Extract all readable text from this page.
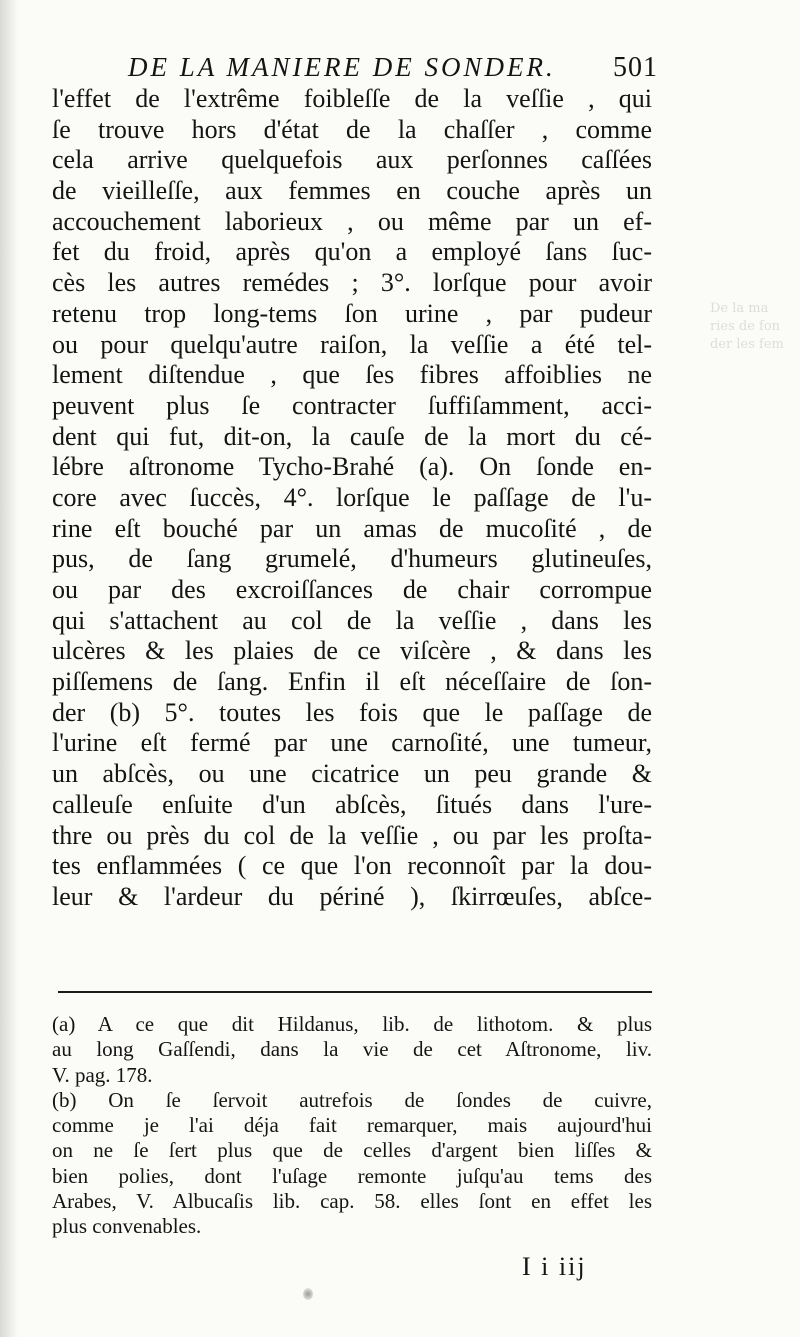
De la ma
ries de fon
der les fem
DE LA MANIERE DE SONDER. 501
l'effet de l'extrême foibleſſe de la veſſie , qui
ſe trouve hors d'état de la chaſſer , comme
cela arrive quelquefois aux perſonnes caſſées
de vieilleſſe, aux femmes en couche après un
accouchement laborieux , ou même par un ef-
fet du froid, après qu'on a employé ſans ſuc-
cès les autres remédes ; 3°. lorſque pour avoir
retenu trop long-tems ſon urine , par pudeur
ou pour quelqu'autre raiſon, la veſſie a été tel-
lement diſtendue , que ſes fibres affoiblies ne
peuvent plus ſe contracter ſuffiſamment, acci-
dent qui fut, dit-on, la cauſe de la mort du cé-
lébre aſtronome Tycho-Brahé (a). On ſonde en-
core avec ſuccès, 4°. lorſque le paſſage de l'u-
rine eſt bouché par un amas de mucoſité , de
pus, de ſang grumelé, d'humeurs glutineuſes,
ou par des excroiſſances de chair corrompue
qui s'attachent au col de la veſſie , dans les
ulcères & les plaies de ce viſcère , & dans les
piſſemens de ſang. Enfin il eſt néceſſaire de ſon-
der (b) 5°. toutes les fois que le paſſage de
l'urine eſt fermé par une carnoſité, une tumeur,
un abſcès, ou une cicatrice un peu grande &
calleuſe enſuite d'un abſcès, ſitués dans l'ure-
thre ou près du col de la veſſie , ou par les proſta-
tes enflammées ( ce que l'on reconnoît par la dou-
leur & l'ardeur du périné ), ſkirrœuſes, abſce-
(a) A ce que dit Hildanus, lib. de lithotom. & plus
au long Gaſſendi, dans la vie de cet Aſtronome, liv.
V. pag. 178.
(b) On ſe ſervoit autrefois de ſondes de cuivre,
comme je l'ai déja fait remarquer, mais aujourd'hui
on ne ſe ſert plus que de celles d'argent bien liſſes &
bien polies, dont l'uſage remonte juſqu'au tems des
Arabes, V. Albucaſis lib. cap. 58. elles ſont en effet les
plus convenables.
I i iij
